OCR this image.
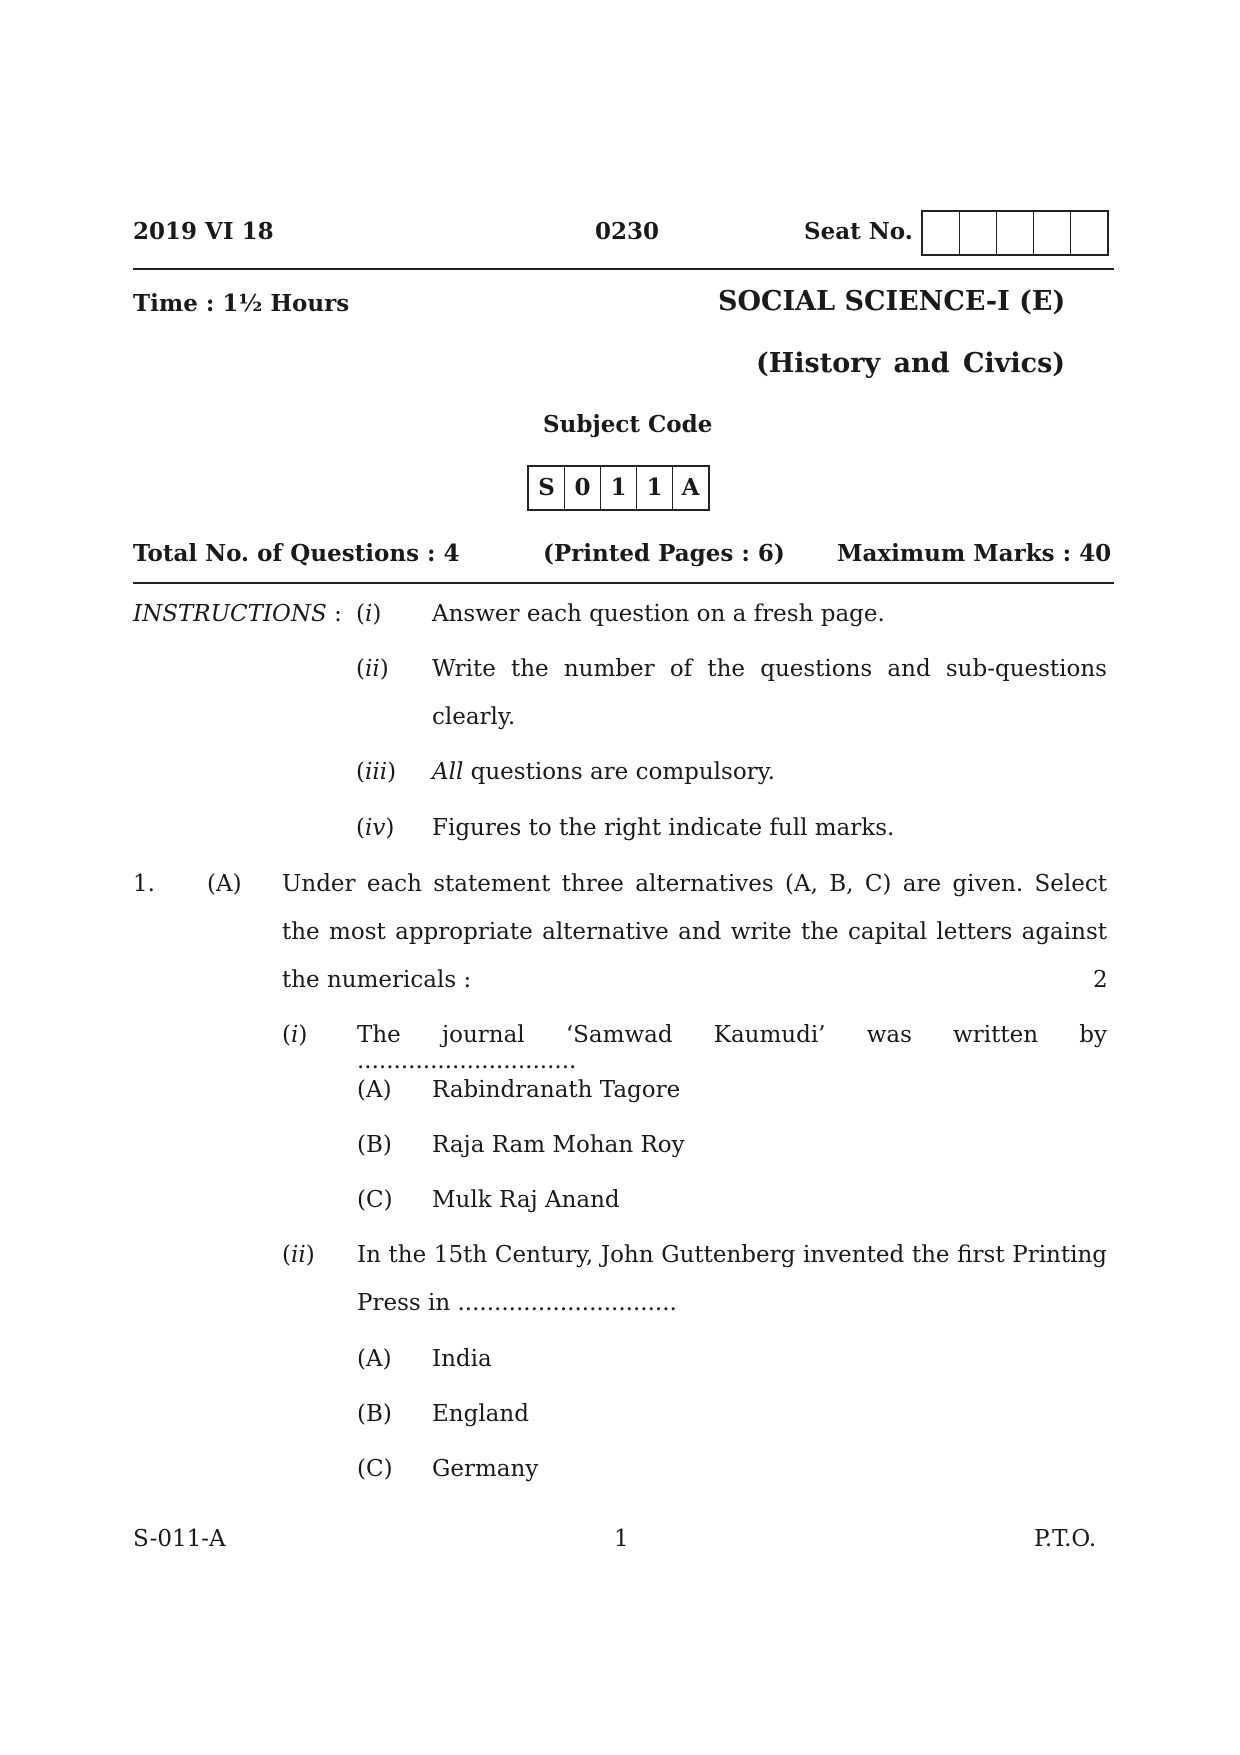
2019 VI 18	0230	Seat No.
Time : 1½ Hours	SOCIAL SCIENCE-I (E)
(History and Civics)
Subject Code
S 0 1 1 A
Total No. of Questions : 4	(Printed Pages : 6) Maximum Marks : 40
INSTRUCTIONS : (i) Answer each question on a fresh page.
(ii) Write the number of the questions and sub-questions
clearly.
(iii) All questions are compulsory.
(iv) Figures to the right indicate full marks.
1. (A) Under each statement three alternatives (A, B, C) are given. Select
the most appropriate alternative and write the capital letters against
the numericals :	2
(i) The journal ‘Samwad Kaumudi’ was written by ..............................
(A) Rabindranath Tagore
(B) Raja Ram Mohan Roy
(C) Mulk Raj Anand
(ii) In the 15th Century, John Guttenberg invented the first Printing
Press in ..............................
(A) India
(B) England
(C) Germany
S-011-A	1	P.T.O.
